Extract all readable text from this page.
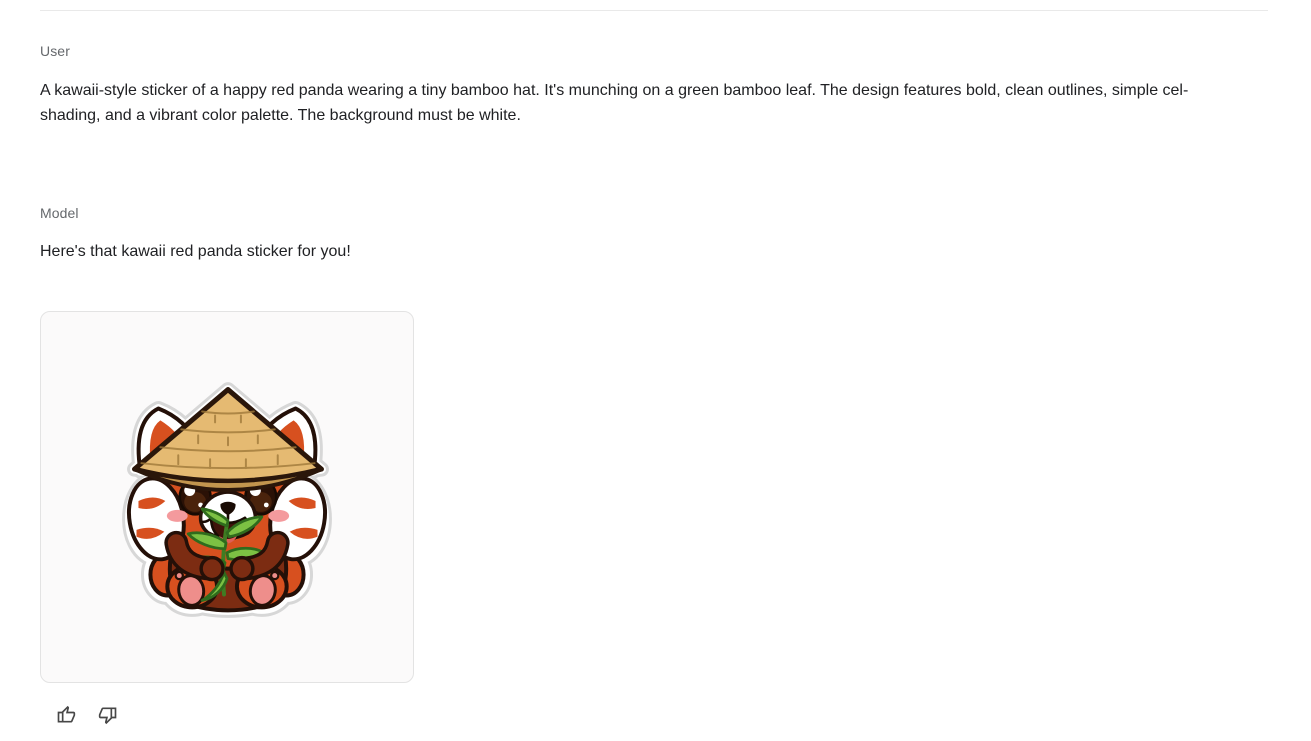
User

A kawaii-style sticker of a happy red panda wearing a tiny bamboo hat. It's munching on a green bamboo leaf. The design features bold, clean outlines, simple cel-shading, and a vibrant color palette. The background must be white.

Model

Here's that kawaii red panda sticker for you!
